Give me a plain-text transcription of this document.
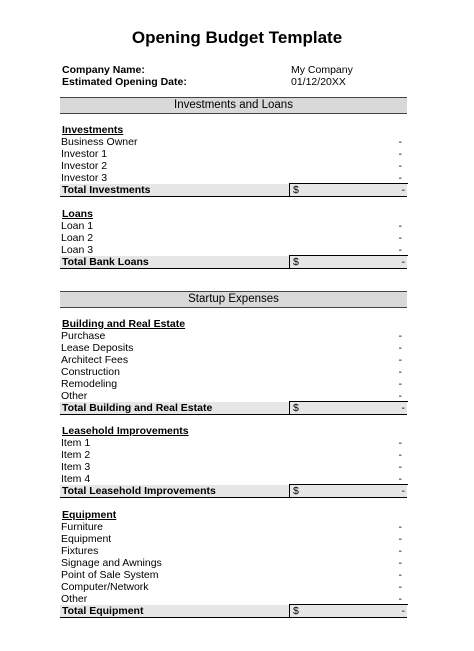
Opening Budget Template
Company Name:	My Company
Estimated Opening Date:	01/12/20XX
Investments and Loans
Investments
Business Owner	-
Investor 1	-
Investor 2	-
Investor 3	-
Total Investments	$	-
Loans
Loan 1	-
Loan 2	-
Loan 3	-
Total Bank Loans	$	-
Startup Expenses
Building and Real Estate
Purchase	-
Lease Deposits	-
Architect Fees	-
Construction	-
Remodeling	-
Other	-
Total Building and Real Estate	$	-
Leasehold Improvements
Item 1	-
Item 2	-
Item 3	-
Item 4	-
Total Leasehold Improvements	$	-
Equipment
Furniture	-
Equipment	-
Fixtures	-
Signage and Awnings	-
Point of Sale System	-
Computer/Network	-
Other	-
Total Equipment	$	-
